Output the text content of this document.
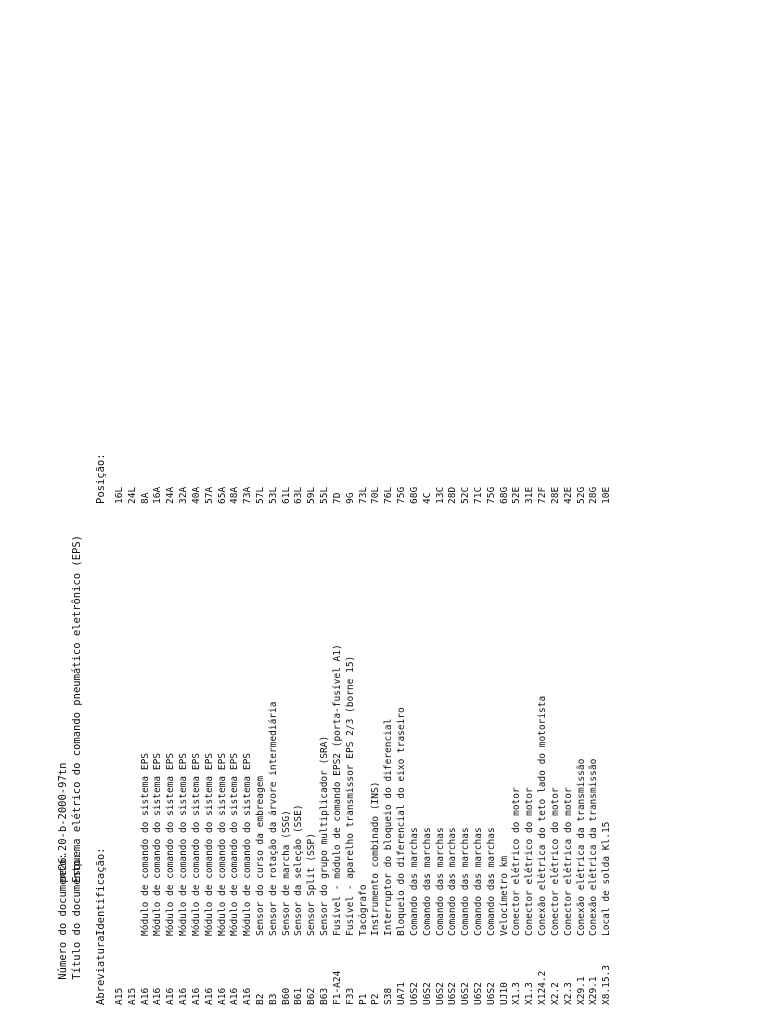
Número do documento:pe26.20-b-2000-97tn

Título do documento:Esquema elétrico do comando pneumático eletrônico (EPS)

Abreviatura:
Identificação:
Posição:
A15
16L
A15
24L
A16
Módulo de comando do sistema EPS
8A
A16
Módulo de comando do sistema EPS
16A
A16
Módulo de comando do sistema EPS
24A
A16
Módulo de comando do sistema EPS
32A
A16
Módulo de comando do sistema EPS
40A
A16
Módulo de comando do sistema EPS
57A
A16
Módulo de comando do sistema EPS
65A
A16
Módulo de comando do sistema EPS
48A
A16
Módulo de comando do sistema EPS
73A
B2
Sensor do curso da embreagem
57L
B3
Sensor de rotação da árvore intermediária
53L
B60
Sensor de marcha (SSG)
61L
B61
Sensor da seleção (SSE)
63L
B62
Sensor Split (SSP)
59L
B63
Sensor do grupo multiplicador (SRA)
55L
F1-A24
Fusível - módulo de comando EPS2 (porta-fusível A1)
7D
F33
Fusível - aparelho transmissor EPS 2/3 (borne 15)
9G
P1
Tacógrafo
73L
P2
Instrumento combinado (INS)
70L
S38
Interruptor do bloqueio do diferencial
76L
UA71
Bloqueio do diferencial do eixo traseiro
75G
U6S2
Comando das marchas
68G
U6S2
Comando das marchas
4C
U6S2
Comando das marchas
13C
U6S2
Comando das marchas
28D
U6S2
Comando das marchas
52C
U6S2
Comando das marchas
71C
U6S2
Comando das marchas
75G
UJ10
Velocímetro km
68G
X1.3
Conector elétrico do motor
52E
X1.3
Conector elétrico do motor
31E
X124.2
Conexão elétrica do teto lado do motorista
72F
X2.2
Conector elétrico do motor
28E
X2.3
Conector elétrica do motor
42E
X29.1
Conexão elétrica da transmissão
52G
X29.1
Conexão elétrica da transmissão
28G
X8.15.3
Local de solda Kl.15
10E
